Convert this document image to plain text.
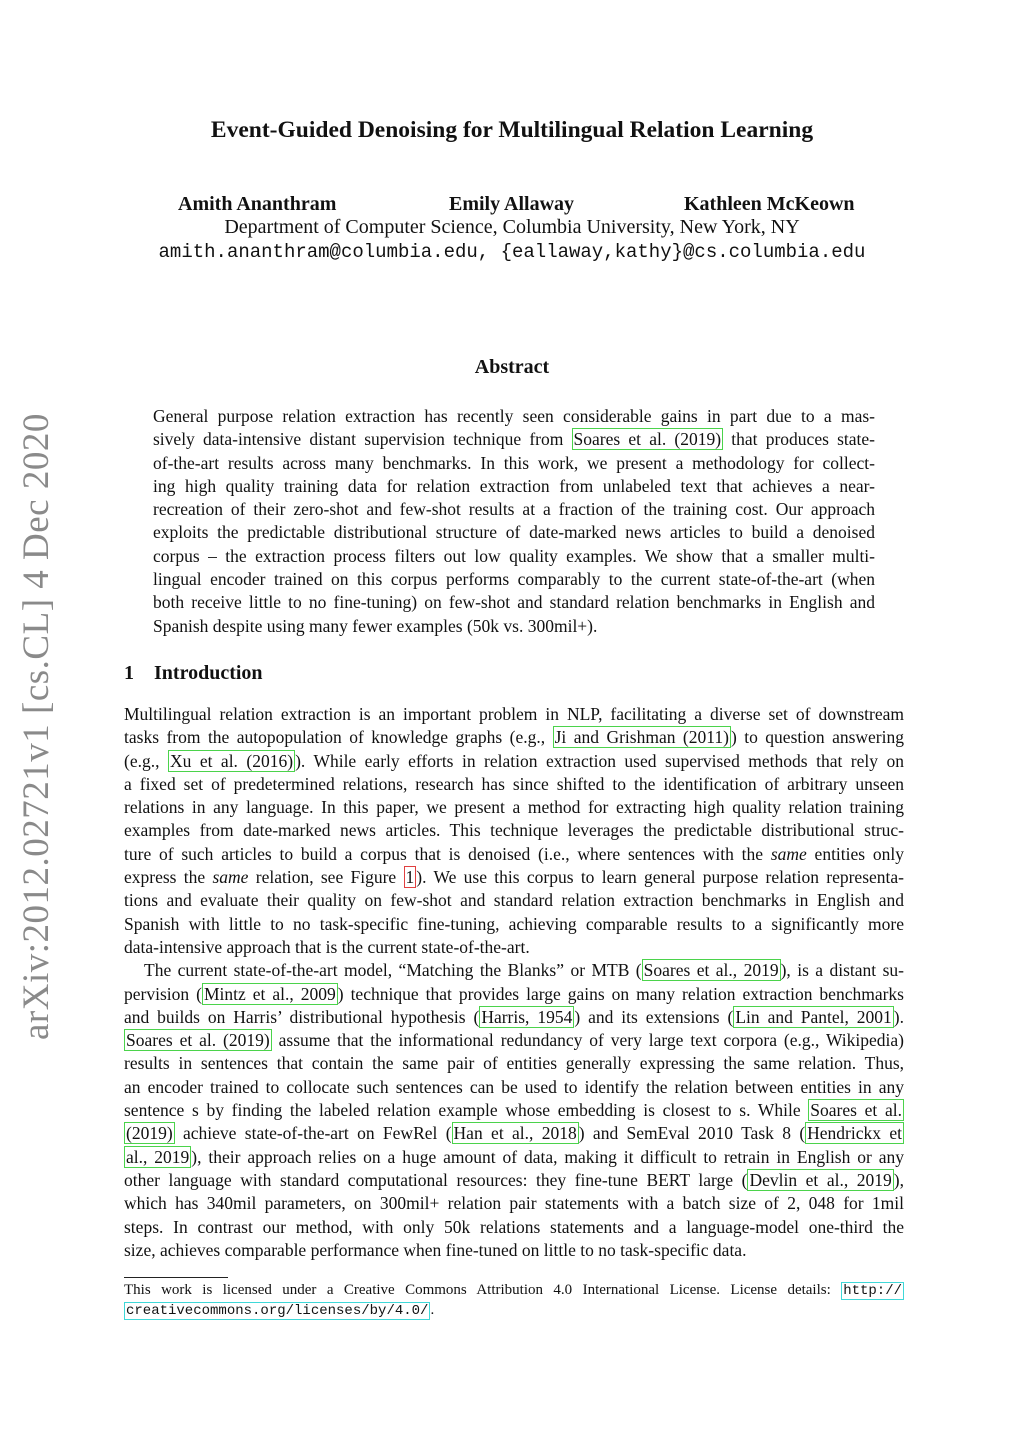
arXiv:2012.02721v1 [cs.CL] 4 Dec 2020
Event-Guided Denoising for Multilingual Relation Learning
Amith Ananthram	Emily Allaway	Kathleen McKeown
Department of Computer Science, Columbia University, New York, NY
amith.ananthram@columbia.edu, {eallaway,kathy}@cs.columbia.edu
Abstract
General purpose relation extraction has recently seen considerable gains in part due to a mas-
sively data-intensive distant supervision technique from Soares et al. (2019) that produces state-
of-the-art results across many benchmarks. In this work, we present a methodology for collect-
ing high quality training data for relation extraction from unlabeled text that achieves a near-
recreation of their zero-shot and few-shot results at a fraction of the training cost. Our approach
exploits the predictable distributional structure of date-marked news articles to build a denoised
corpus – the extraction process filters out low quality examples. We show that a smaller multi-
lingual encoder trained on this corpus performs comparably to the current state-of-the-art (when
both receive little to no fine-tuning) on few-shot and standard relation benchmarks in English and
Spanish despite using many fewer examples (50k vs. 300mil+).
1 Introduction

Multilingual relation extraction is an important problem in NLP, facilitating a diverse set of downstream
tasks from the autopopulation of knowledge graphs (e.g., Ji and Grishman (2011) ) to question answering
(e.g., Xu et al. (2016) ). While early efforts in relation extraction used supervised methods that rely on
a fixed set of predetermined relations, research has since shifted to the identification of arbitrary unseen
relations in any language. In this paper, we present a method for extracting high quality relation training
examples from date-marked news articles. This technique leverages the predictable distributional struc-
ture of such articles to build a corpus that is denoised (i.e., where sentences with the same entities only
express the same relation, see Figure 1 ). We use this corpus to learn general purpose relation representa-
tions and evaluate their quality on few-shot and standard relation extraction benchmarks in English and
Spanish with little to no task-specific fine-tuning, achieving comparable results to a significantly more
data-intensive approach that is the current state-of-the-art.

The current state-of-the-art model, “Matching the Blanks” or MTB ( Soares et al., 2019 ), is a distant su-
pervision ( Mintz et al., 2009 ) technique that provides large gains on many relation extraction benchmarks
and builds on Harris’ distributional hypothesis ( Harris, 1954 ) and its extensions ( Lin and Pantel, 2001 ).
Soares et al. (2019) assume that the informational redundancy of very large text corpora (e.g., Wikipedia)
results in sentences that contain the same pair of entities generally expressing the same relation. Thus,
an encoder trained to collocate such sentences can be used to identify the relation between entities in any
sentence s by finding the labeled relation example whose embedding is closest to s. While Soares et al.
(2019) achieve state-of-the-art on FewRel ( Han et al., 2018 ) and SemEval 2010 Task 8 ( Hendrickx et
al., 2019 ), their approach relies on a huge amount of data, making it difficult to retrain in English or any
other language with standard computational resources: they fine-tune BERT large ( Devlin et al., 2019 ),
which has 340mil parameters, on 300mil+ relation pair statements with a batch size of 2, 048 for 1mil
steps. In contrast our method, with only 50k relations statements and a language-model one-third the
size, achieves comparable performance when fine-tuned on little to no task-specific data.

This work is licensed under a Creative Commons Attribution 4.0 International License. License details: http://
creativecommons.org/licenses/by/4.0/ .
